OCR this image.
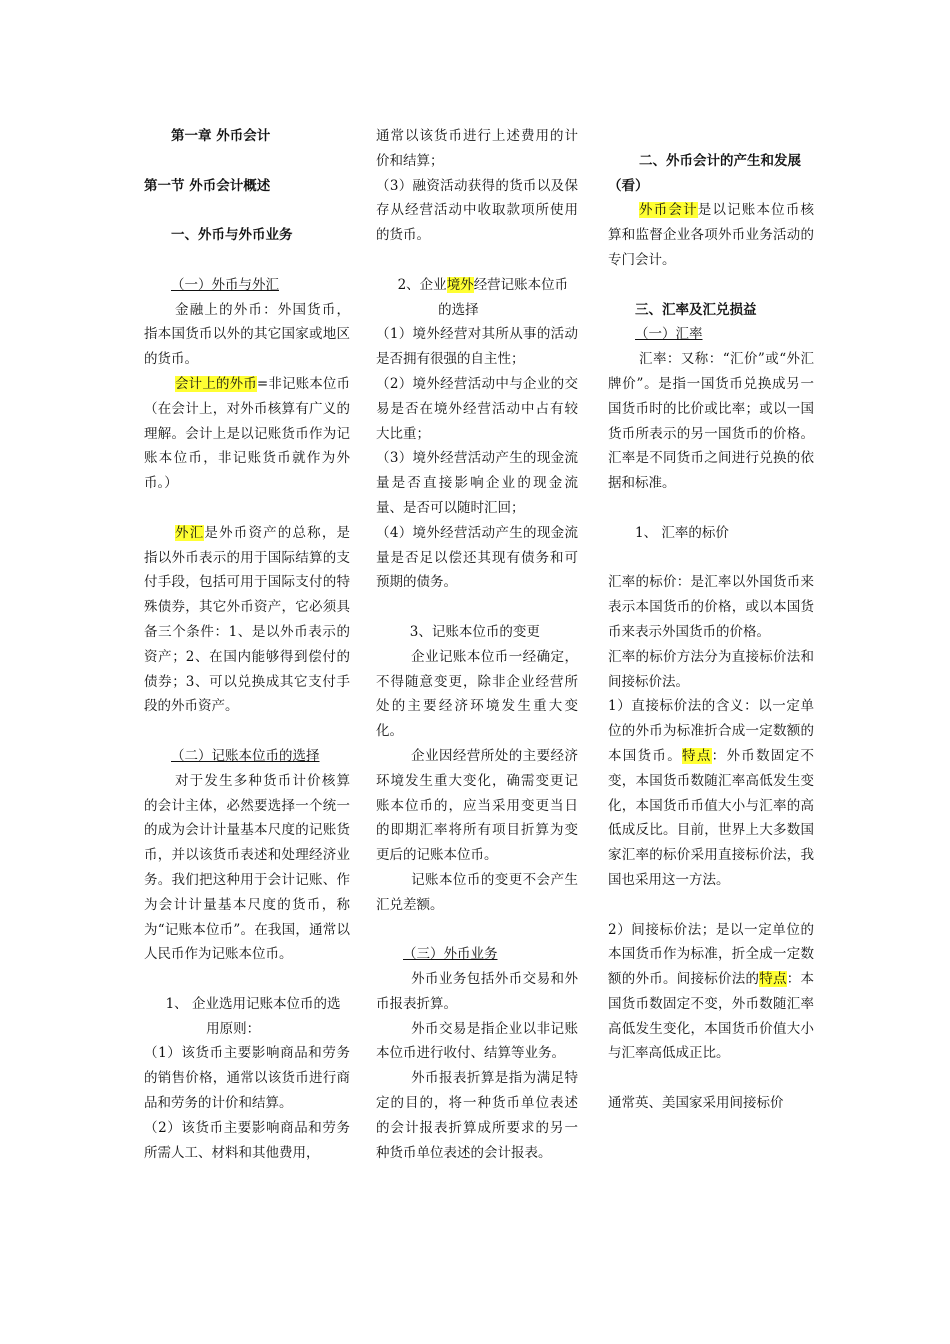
第一章 外币会计

第一节 外币会计概述

一、外币与外币业务

（一）外币与外汇

金融上的外币：外国货币，指本国货币以外的其它国家或地区的货币。

会计上的外币=非记账本位币 （在会计上，对外币核算有广义的理解。会计上是以记账货币作为记账本位币，非记账货币就作为外币。）

外汇是外币资产的总称，是指以外币表示的用于国际结算的支付手段，包括可用于国际支付的特殊债券，其它外币资产，它必须具备三个条件：1、是以外币表示的资产；2、在国内能够得到偿付的债券；3、可以兑换成其它支付手段的外币资产。

（二）记账本位币的选择

对于发生多种货币计价核算的会计主体，必然要选择一个统一的成为会计计量基本尺度的记账货币，并以该货币表述和处理经济业务。我们把这种用于会计记账、作为会计计量基本尺度的货币，称为“记账本位币”。在我国，通常以人民币作为记账本位币。

1、 企业选用记账本位币的选用原则：

（1）该货币主要影响商品和劳务的销售价格，通常以该货币进行商品和劳务的计价和结算。

（2）该货币主要影响商品和劳务所需人工、材料和其他费用，

通常以该货币进行上述费用的计价和结算；

（3）融资活动获得的货币以及保存从经营活动中收取款项所使用的货币。

2、企业境外经营记账本位币的选择

（1）境外经营对其所从事的活动是否拥有很强的自主性；

（2）境外经营活动中与企业的交易是否在境外经营活动中占有较大比重；

（3）境外经营活动产生的现金流量是否直接影响企业的现金流量、是否可以随时汇回；

（4）境外经营活动产生的现金流量是否足以偿还其现有债务和可预期的债务。

3、记账本位币的变更

企业记账本位币一经确定，不得随意变更，除非企业经营所处的主要经济环境发生重大变化。

企业因经营所处的主要经济环境发生重大变化，确需变更记账本位币的，应当采用变更当日的即期汇率将所有项目折算为变更后的记账本位币。

记账本位币的变更不会产生汇兑差额。

（三）外币业务

外币业务包括外币交易和外币报表折算。

外币交易是指企业以非记账本位币进行收付、结算等业务。

外币报表折算是指为满足特定的目的，将一种货币单位表述的会计报表折算成所要求的另一种货币单位表述的会计报表。

二、外币会计的产生和发展（看）

外币会计是以记账本位币核算和监督企业各项外币业务活动的专门会计。

三、汇率及汇兑损益

（一）汇率

汇率：又称：“汇价”或“外汇牌价”。是指一国货币兑换成另一国货币时的比价或比率；或以一国货币所表示的另一国货币的价格。汇率是不同货币之间进行兑换的依据和标准。

1、 汇率的标价

汇率的标价：是汇率以外国货币来表示本国货币的价格，或以本国货币来表示外国货币的价格。

汇率的标价方法分为直接标价法和间接标价法。

1）直接标价法的含义：以一定单位的外币为标准折合成一定数额的本国货币。特点：外币数固定不变，本国货币数随汇率高低发生变化，本国货币币值大小与汇率的高低成反比。目前，世界上大多数国家汇率的标价采用直接标价法，我国也采用这一方法。

2）间接标价法；是以一定单位的本国货币作为标准，折全成一定数额的外币。间接标价法的特点：本国货币数固定不变，外币数随汇率高低发生变化，本国货币价值大小与汇率高低成正比。

通常英、美国家采用间接标价
